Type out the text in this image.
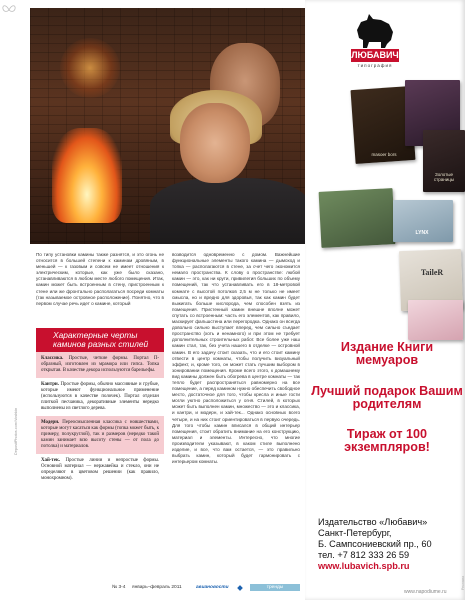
По типу установки камины также разнятся, и это огонь не относится в большей степени к каминам дровяным, в меньшей — к газовым и совсем не имеет отношения к электрическим, которые, как уже было сказано, устанавливаются в любом месте любого помещения. Итак, камин может быть встроенным в стену, пристроенным к стене или же фронтально располагаться посреди комнаты (так называемое островное расположение). Понятно, что в первом случае речь идет о камине, который

возводится одновременно с домом. Важнейшие функциональные элементы такого камина — дымоход и топка — располагаются в стене, за счет чего экономится немало пространства. К слову о пространстве: любой камин — это, как ни крути, привилегия больших по объему помещений, так что устанавливать его в 18-метровой комнате с высотой потолков 2,5 м не только не имеет смысла, но и вредно для здоровья, так как камин будет выжигать больше кислорода, чем способен взять из помещения. Пристенный камин внешне вполне может спутать со встроенным: часть его элементов, как правило, маскирует фальшстена или перегородка. Однако он всегда довольно сильно выступает вперед, чем сильно съедает пространство (хоть и ненамного) и при этом не требует дополнительных строительных работ. Все более уже наш камин стал, так, без учета нашего в отделке — островной камин. В его задачу стоит сказать, что и его стоит камину отвести в центр комнаты, чтобы получить визуальный эффект, и, кроме того, он может стать лучшим выбором в зонировании помещения. Кроме всего этого, к домашнему вид камины должен быть обогрева в центре комнаты — так тепло будет распространяться равномерно на все помещение, а перед камином нужно обеспечить свободное место, достаточное для того, чтобы кресла и иные гости могли уютно расположиться у огня. Стилей, в которых может быть выполнен камин, множество — это и классика, и кантри, и модерн, и хай-тек... Однако основных всего четыре, и на них стоит ориентироваться в первую очередь. Для того чтобы камин вписался в общий интерьер помещения, стоит обратить внимание на его конструкцию, материал и элементы. Интересно, что многие производители указывают, в каком стиле выполнено изделие, и все, что вам остается, — это правильно выбрать камин, который будет гармонировать с интерьером комнаты.

Характерные черты каминов разных стилей
Классика. Простые, четкие формы. Портал П-образный, изготовлен из мрамора или гипса. Топка открытая. В качестве декора используются барельефы.
Кантри. Простые формы, обычно массивные и грубые, которые имеют функциональное применение (используются в качестве полочек). Портал отделан плиткой песчаника, декоративные элементы нередко выполнены из светлого дерева.
Модерн. Переосмысленная классика с новшествами, которые могут касаться как формы (топка может быть, к примеру, полукруглой), так и размеров (нередко такой камин занимает всю высоту стены — от пола до потолка) и материалов.
Хай-тек. Простые линии и непростые формы. Основной материал — нержавейка и стекло, они не определяют в цветовом решении (как правило, монохромном).
DepositPhotos.com/Voshkin
№ 3-4 январь–февраль 2011	авиановости	тренды
ЛЮБАВИЧ
типография
masoer bors
Золотые страницы
LYNX
TaileR
Издание Книги мемуаров
Лучший подарок Вашим родителям
Тираж от 100 экземпляров!
Издательство «Любавич»
Санкт-Петербург,
Б. Сампсониевский пр., 60
тел. +7 812 333 26 59
www.lubavich.spb.ru
www.napodiume.ru
Реклама
